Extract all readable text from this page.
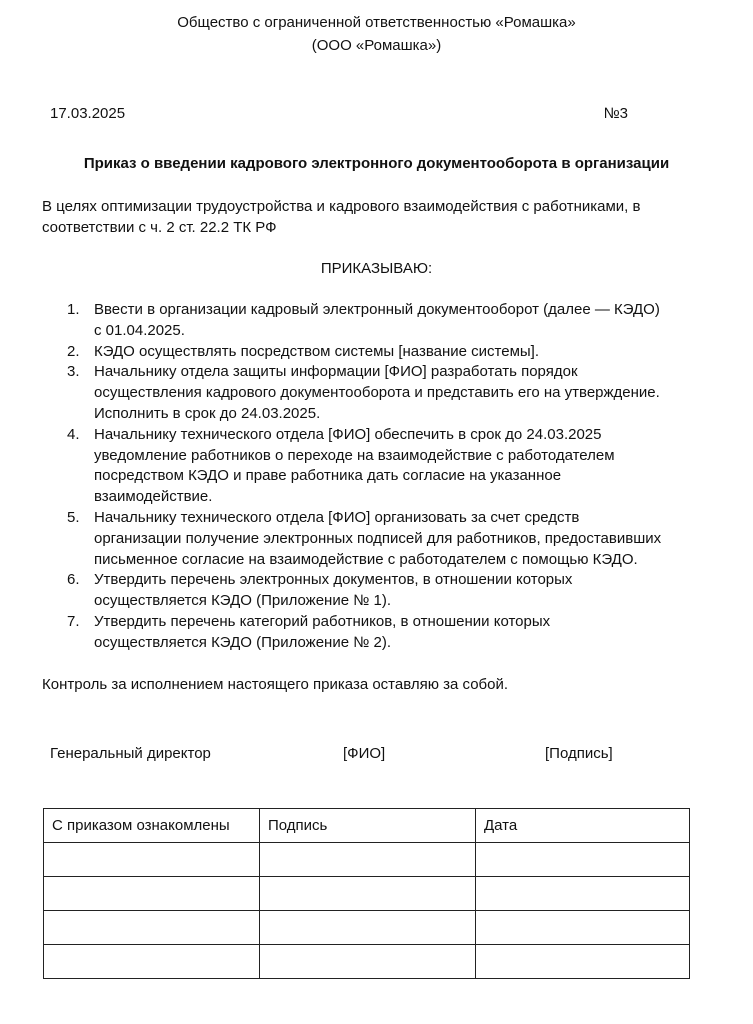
Общество с ограниченной ответственностью «Ромашка»
(ООО «Ромашка»)
17.03.2025	№3
Приказ о введении кадрового электронного документооборота в организации
В целях оптимизации трудоустройства и кадрового взаимодействия с работниками, в соответствии с ч. 2 ст. 22.2 ТК РФ
ПРИКАЗЫВАЮ:
1. Ввести в организации кадровый электронный документооборот (далее — КЭДО)
с 01.04.2025.
2. КЭДО осуществлять посредством системы [название системы].
3. Начальнику отдела защиты информации [ФИО] разработать порядок
осуществления кадрового документооборота и представить его на утверждение.
Исполнить в срок до 24.03.2025.
4. Начальнику технического отдела [ФИО] обеспечить в срок до 24.03.2025
уведомление работников о переходе на взаимодействие с работодателем
посредством КЭДО и праве работника дать согласие на указанное
взаимодействие.
5. Начальнику технического отдела [ФИО] организовать за счет средств
организации получение электронных подписей для работников, предоставивших
письменное согласие на взаимодействие с работодателем с помощью КЭДО.
6. Утвердить перечень электронных документов, в отношении которых
осуществляется КЭДО (Приложение № 1).
7. Утвердить перечень категорий работников, в отношении которых
осуществляется КЭДО (Приложение № 2).
Контроль за исполнением настоящего приказа оставляю за собой.
Генеральный директор	[ФИО]	[Подпись]
С приказом ознакомлены	Подпись	Дата
